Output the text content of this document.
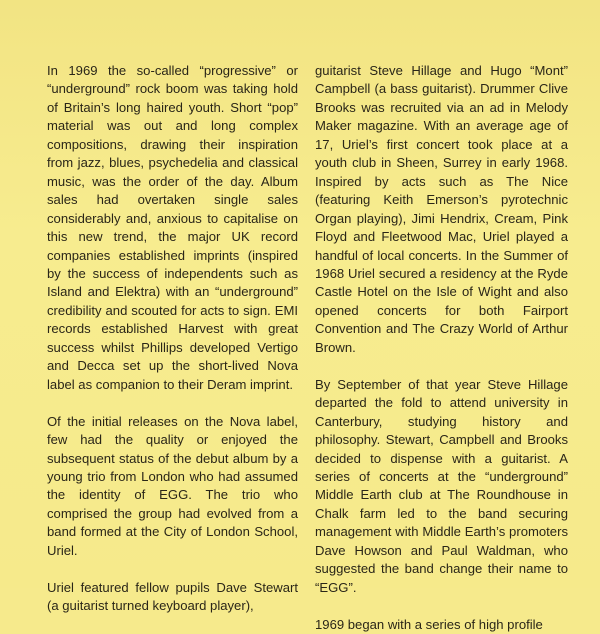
In 1969 the so-called “progressive” or “underground” rock boom was taking hold of Britain’s long haired youth. Short “pop” material was out and long complex compositions, drawing their inspiration from jazz, blues, psychedelia and classical music, was the order of the day. Album sales had overtaken single sales considerably and, anxious to capitalise on this new trend, the major UK record companies established imprints (inspired by the success of independents such as Island and Elektra) with an “underground” credibility and scouted for acts to sign. EMI records established Harvest with great success whilst Phillips developed Vertigo and Decca set up the short-lived Nova label as companion to their Deram imprint.

Of the initial releases on the Nova label, few had the quality or enjoyed the subsequent status of the debut album by a young trio from London who had assumed the identity of EGG. The trio who comprised the group had evolved from a band formed at the City of London School, Uriel.

Uriel featured fellow pupils Dave Stewart (a guitarist turned keyboard player),

guitarist Steve Hillage and Hugo “Mont” Campbell (a bass guitarist). Drummer Clive Brooks was recruited via an ad in Melody Maker magazine. With an average age of 17, Uriel’s first concert took place at a youth club in Sheen, Surrey in early 1968. Inspired by acts such as The Nice (featuring Keith Emerson’s pyrotechnic Organ playing), Jimi Hendrix, Cream, Pink Floyd and Fleetwood Mac, Uriel played a handful of local concerts. In the Summer of 1968 Uriel secured a residency at the Ryde Castle Hotel on the Isle of Wight and also opened concerts for both Fairport Convention and The Crazy World of Arthur Brown.

By September of that year Steve Hillage departed the fold to attend university in Canterbury, studying history and philosophy. Stewart, Campbell and Brooks decided to dispense with a guitarist. A series of concerts at the “underground” Middle Earth club at The Roundhouse in Chalk farm led to the band securing management with Middle Earth’s promoters Dave Howson and Paul Waldman, who suggested the band change their name to “EGG”.

1969 began with a series of high profile
